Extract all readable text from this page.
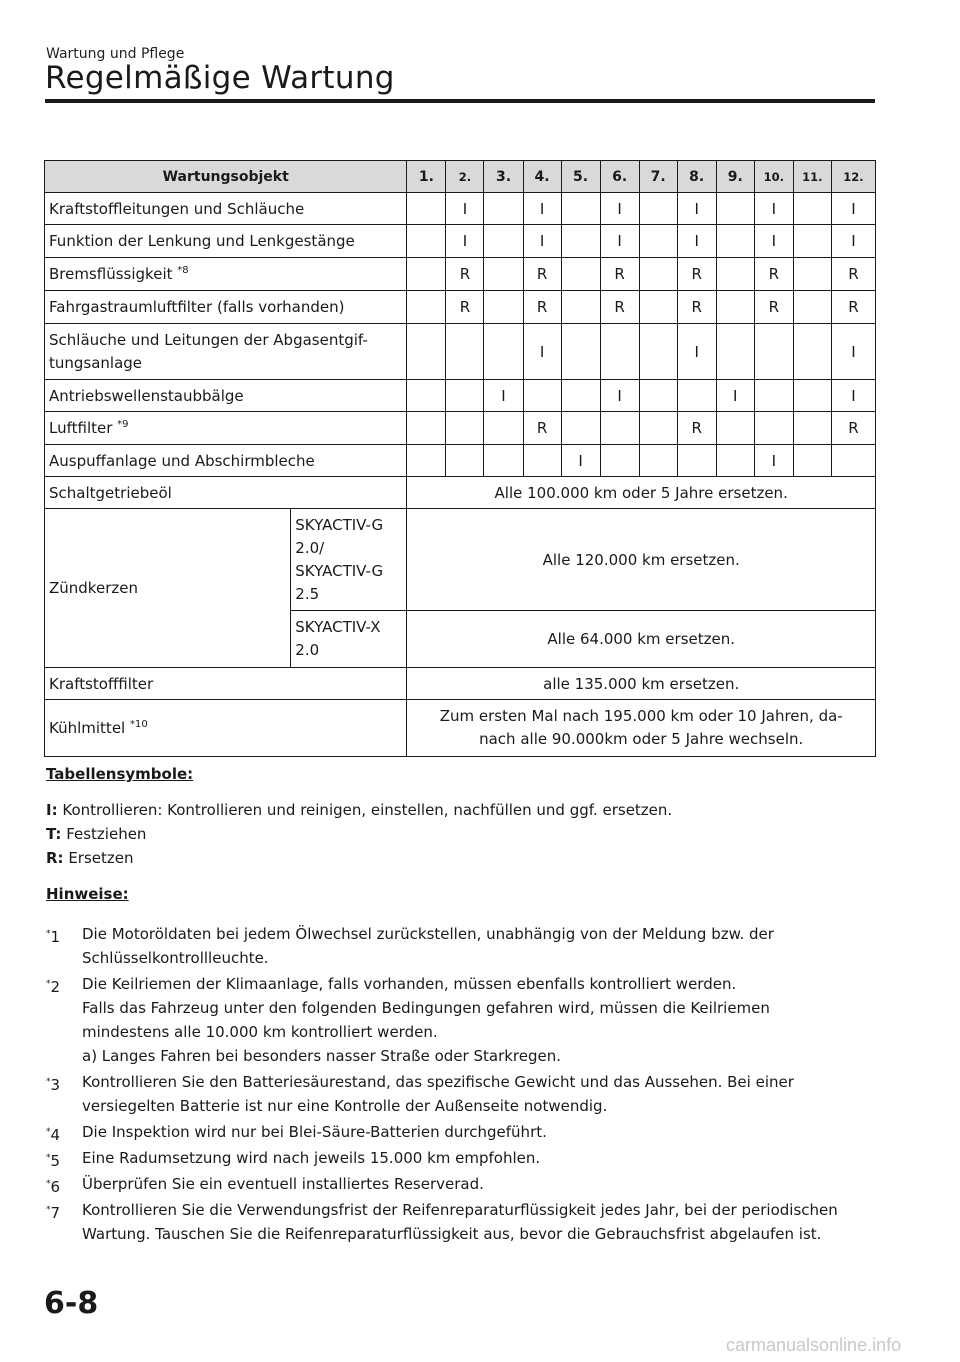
Wartung und Pflege
Regelmäßige Wartung
Wartungsobjekt		1.	2.	3.	4.	5.	6.	7.	8.	9.	10.	11.	12.
Kraftstoffleitungen und Schläuche			I		I		I		I		I		I
Funktion der Lenkung und Lenkgestänge			I		I		I		I		I		I
Bremsflüssigkeit $^{*8}$			R		R		R		R		R		R
Fahrgastraumluftfilter (falls vorhanden)			R		R		R		R		R		R
Schläuche und Leitungen der Abgasentgif-tungsanlage					I				I				I
Antriebswellenstaubbälge				I			I			I			I
Luftfilter $^{*9}$					R				R				R
Auspuffanlage und Abschirmbleche						I					I		
Schaltgetriebeöl		Alle 100.000 km oder 5 Jahre ersetzen.											
Zündkerzen	SKYACTIV-G
2.0/
SKYACTIV-G
2.5	Alle 120.000 km ersetzen.											
	SKYACTIV-X
2.0	Alle 64.000 km ersetzen.											
Kraftstofffilter		alle 135.000 km ersetzen.											
Kühlmittel $^{*10}$		Zum ersten Mal nach 195.000 km oder 10 Jahren, da-
nach alle 90.000km oder 5 Jahre wechseln.											
Tabellensymbole:
I: Kontrollieren: Kontrollieren und reinigen, einstellen, nachfüllen und ggf. ersetzen.
T: Festziehen
R: Ersetzen
Hinweise:
*1 Die Motoröldaten bei jedem Ölwechsel zurückstellen, unabhängig von der Meldung bzw. der
Schlüsselkontrollleuchte.
*2 Die Keilriemen der Klimaanlage, falls vorhanden, müssen ebenfalls kontrolliert werden.
Falls das Fahrzeug unter den folgenden Bedingungen gefahren wird, müssen die Keilriemen
mindestens alle 10.000 km kontrolliert werden.
a) Langes Fahren bei besonders nasser Straße oder Starkregen.
*3 Kontrollieren Sie den Batteriesäurestand, das spezifische Gewicht und das Aussehen. Bei einer
versiegelten Batterie ist nur eine Kontrolle der Außenseite notwendig.
*4 Die Inspektion wird nur bei Blei-Säure-Batterien durchgeführt.
*5 Eine Radumsetzung wird nach jeweils 15.000 km empfohlen.
*6 Überprüfen Sie ein eventuell installiertes Reserverad.
*7 Kontrollieren Sie die Verwendungsfrist der Reifenreparaturflüssigkeit jedes Jahr, bei der periodischen
Wartung. Tauschen Sie die Reifenreparaturflüssigkeit aus, bevor die Gebrauchsfrist abgelaufen ist.
6-8
carmanualsonline.info
